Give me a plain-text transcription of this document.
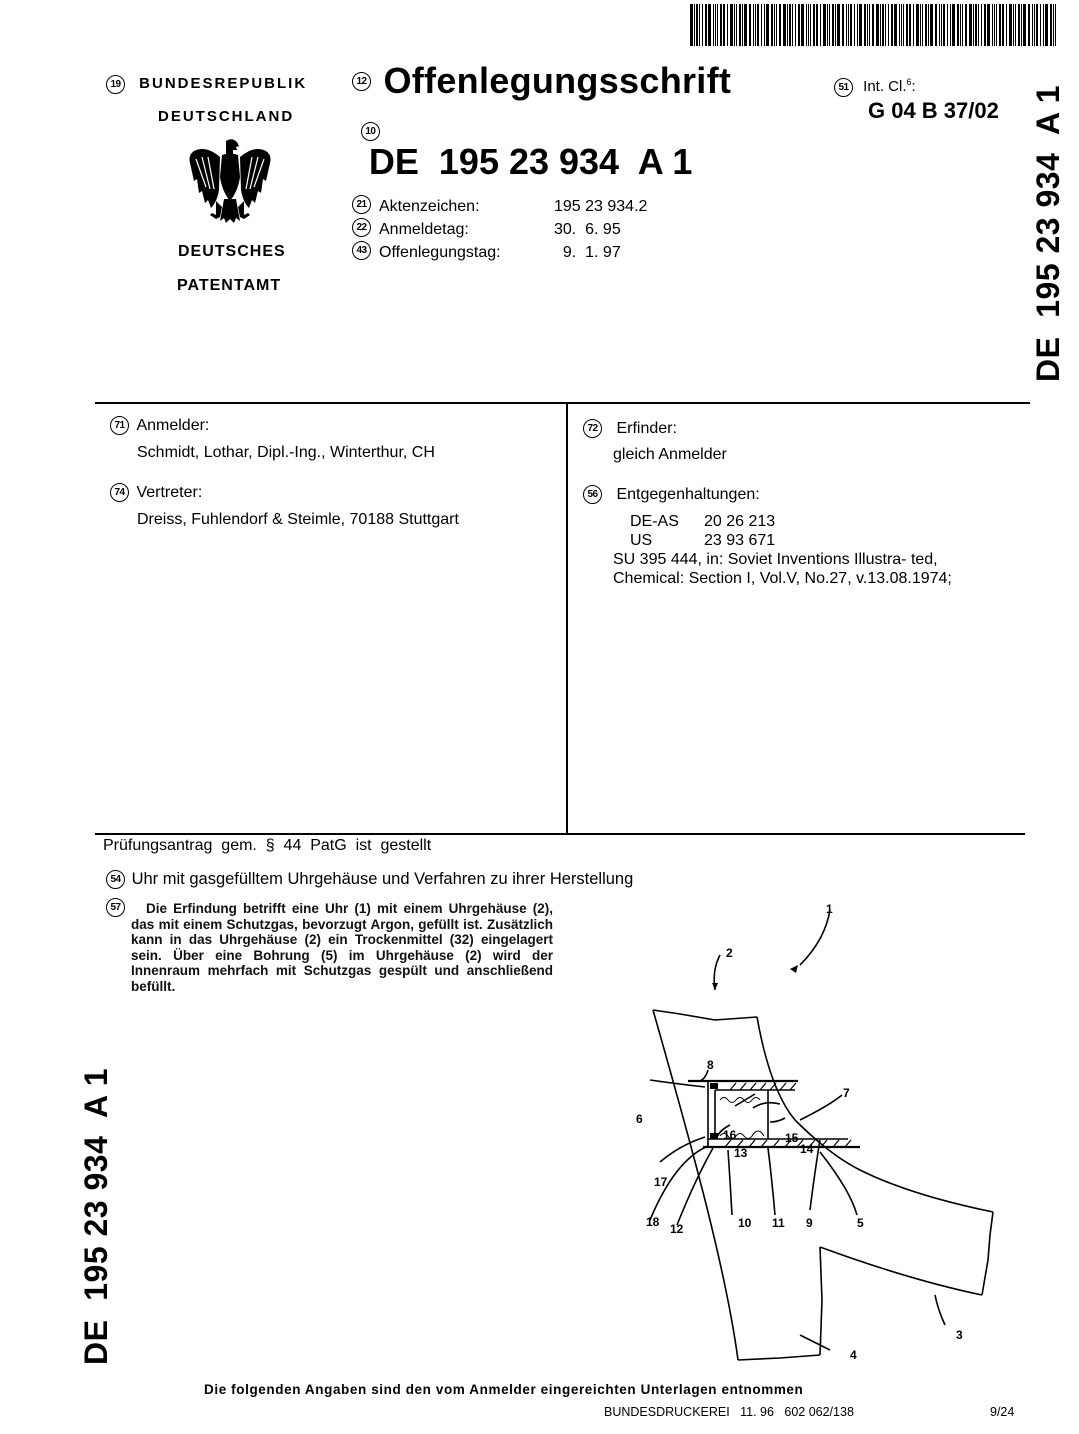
19 BUNDESREPUBLIK
DEUTSCHLAND
DEUTSCHES
PATENTAMT
12 Offenlegungsschrift

10
DE  195 23 934  A 1

51 Int. Cl.$^6$:
G 04 B 37/02 DE  195 23 934  A 1
21 Aktenzeichen:	195 23 934.2
22 Anmeldetag:	30.  6. 95
43 Offenlegungstag:	9.  1. 97
71 Anmelder:
Schmidt, Lothar, Dipl.-Ing., Winterthur, CH
74 Vertreter:
Dreiss, Fuhlendorf & Steimle, 70188 Stuttgart
72 Erfinder:
gleich Anmelder
56 Entgegenhaltungen:
DE-AS 20 26 213
US	23 93 671
SU 395 444, in: Soviet Inventions Illustra- ted,
Chemical: Section I, Vol.V, No.27, v.13.08.1974;
Prüfungsantrag  gem.  §  44  PatG  ist  gestellt
54 Uhr mit gasgefülltem Uhrgehäuse und Verfahren zu ihrer Herstellung
57	Die Erfindung betrifft eine Uhr (1) mit einem Uhrgehäuse (2), das mit einem Schutzgas, bevorzugt Argon, gefüllt ist. Zusätzlich kann in das Uhrgehäuse (2) ein Trockenmittel (32) eingelagert sein. Über eine Bohrung (5) im Uhrgehäuse (2) wird der Innenraum mehrfach mit Schutzgas gespült und anschließend befüllt.
1
2
3
4
5
6
7
8
9
10 11
12
13	14
15
16
17
18
DE  195 23 934  A 1
Die folgenden Angaben sind den vom Anmelder eingereichten Unterlagen entnommen
BUNDESDRUCKEREI   11. 96   602 062/138	9/24
